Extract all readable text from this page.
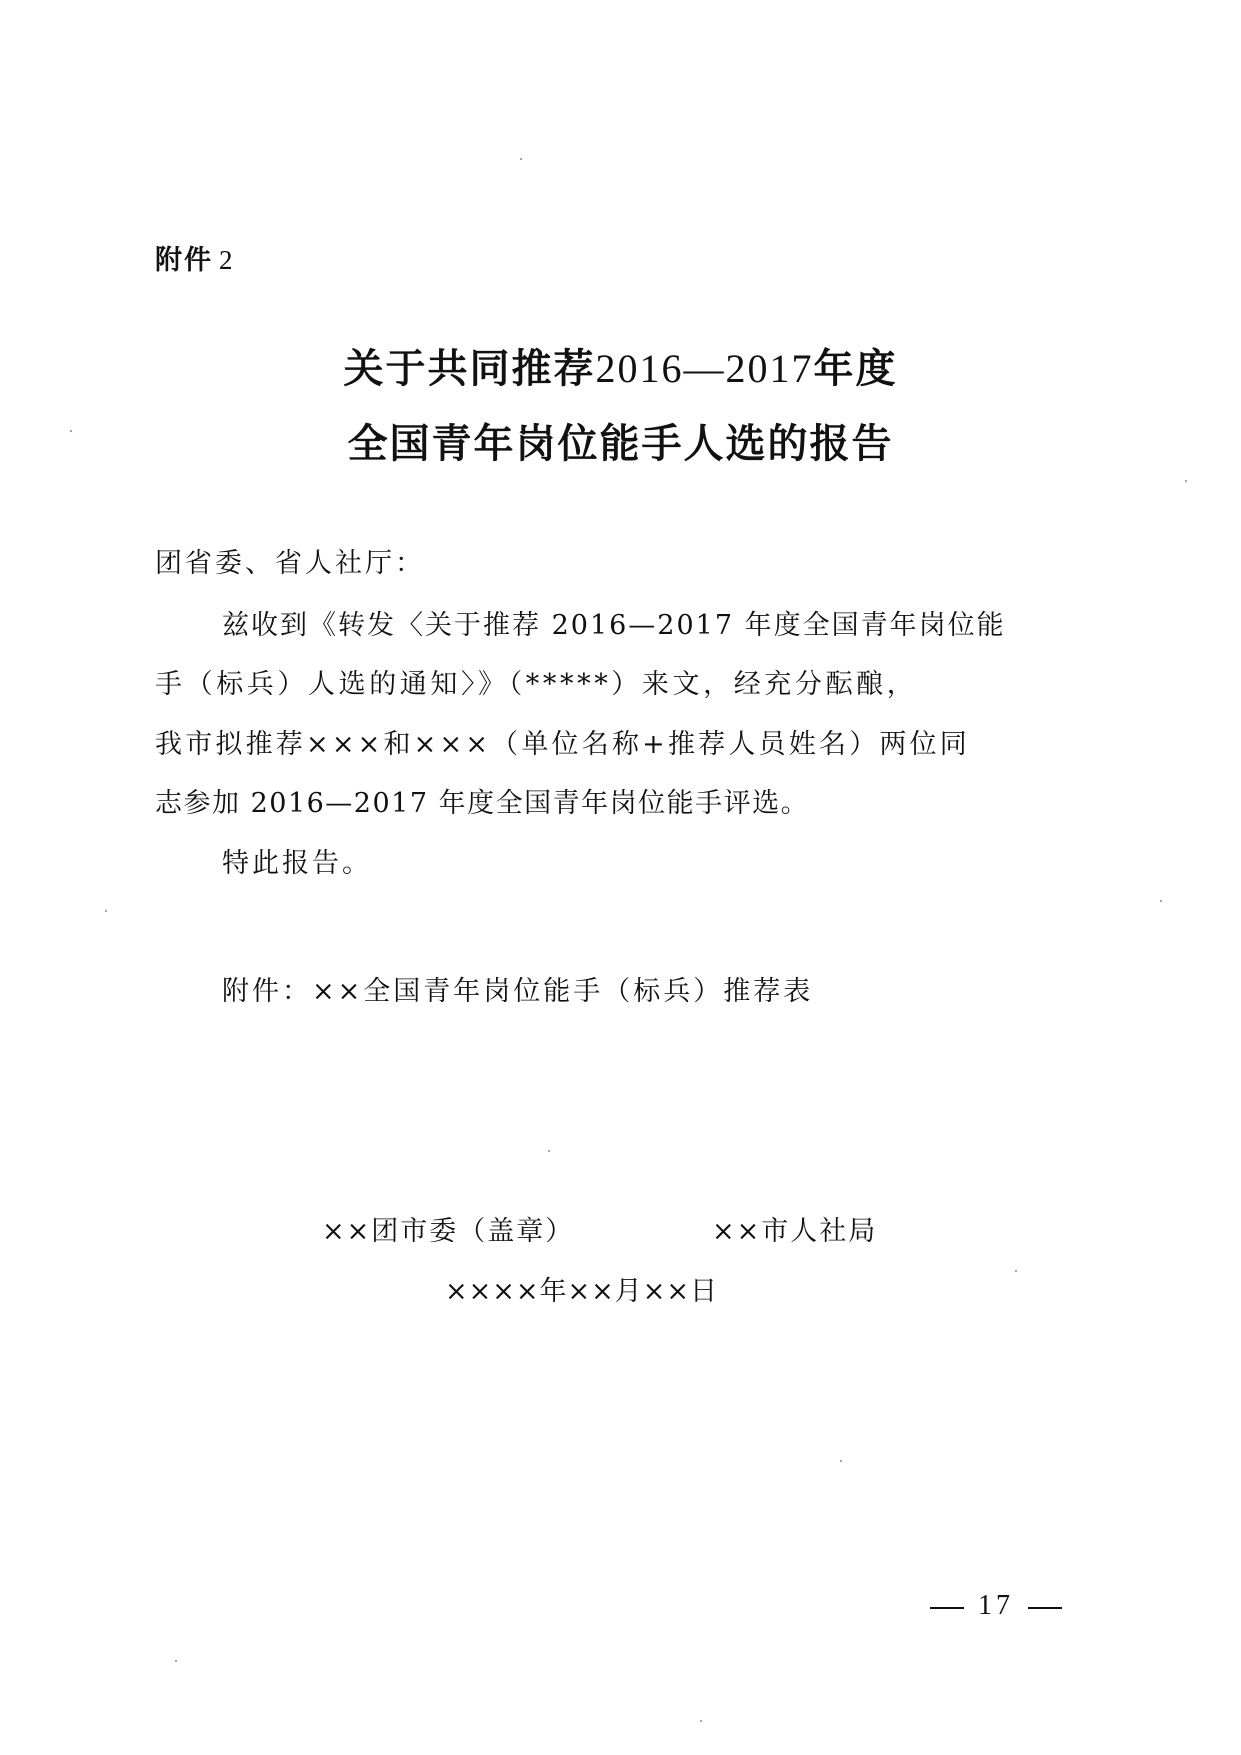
附件 2
关于共同推荐2016—2017年度
全国青年岗位能手人选的报告
团省委、省人社厅：
兹收到《转发〈关于推荐 2016—2017 年度全国青年岗位能
手（标兵）人选的通知〉》（*****）来文，经充分酝酿，
我市拟推荐×××和×××（单位名称+推荐人员姓名）两位同
志参加 2016—2017 年度全国青年岗位能手评选。
特此报告。
附件：××全国青年岗位能手（标兵）推荐表
××团市委（盖章）	××市人社局
××××年××月××日
17
